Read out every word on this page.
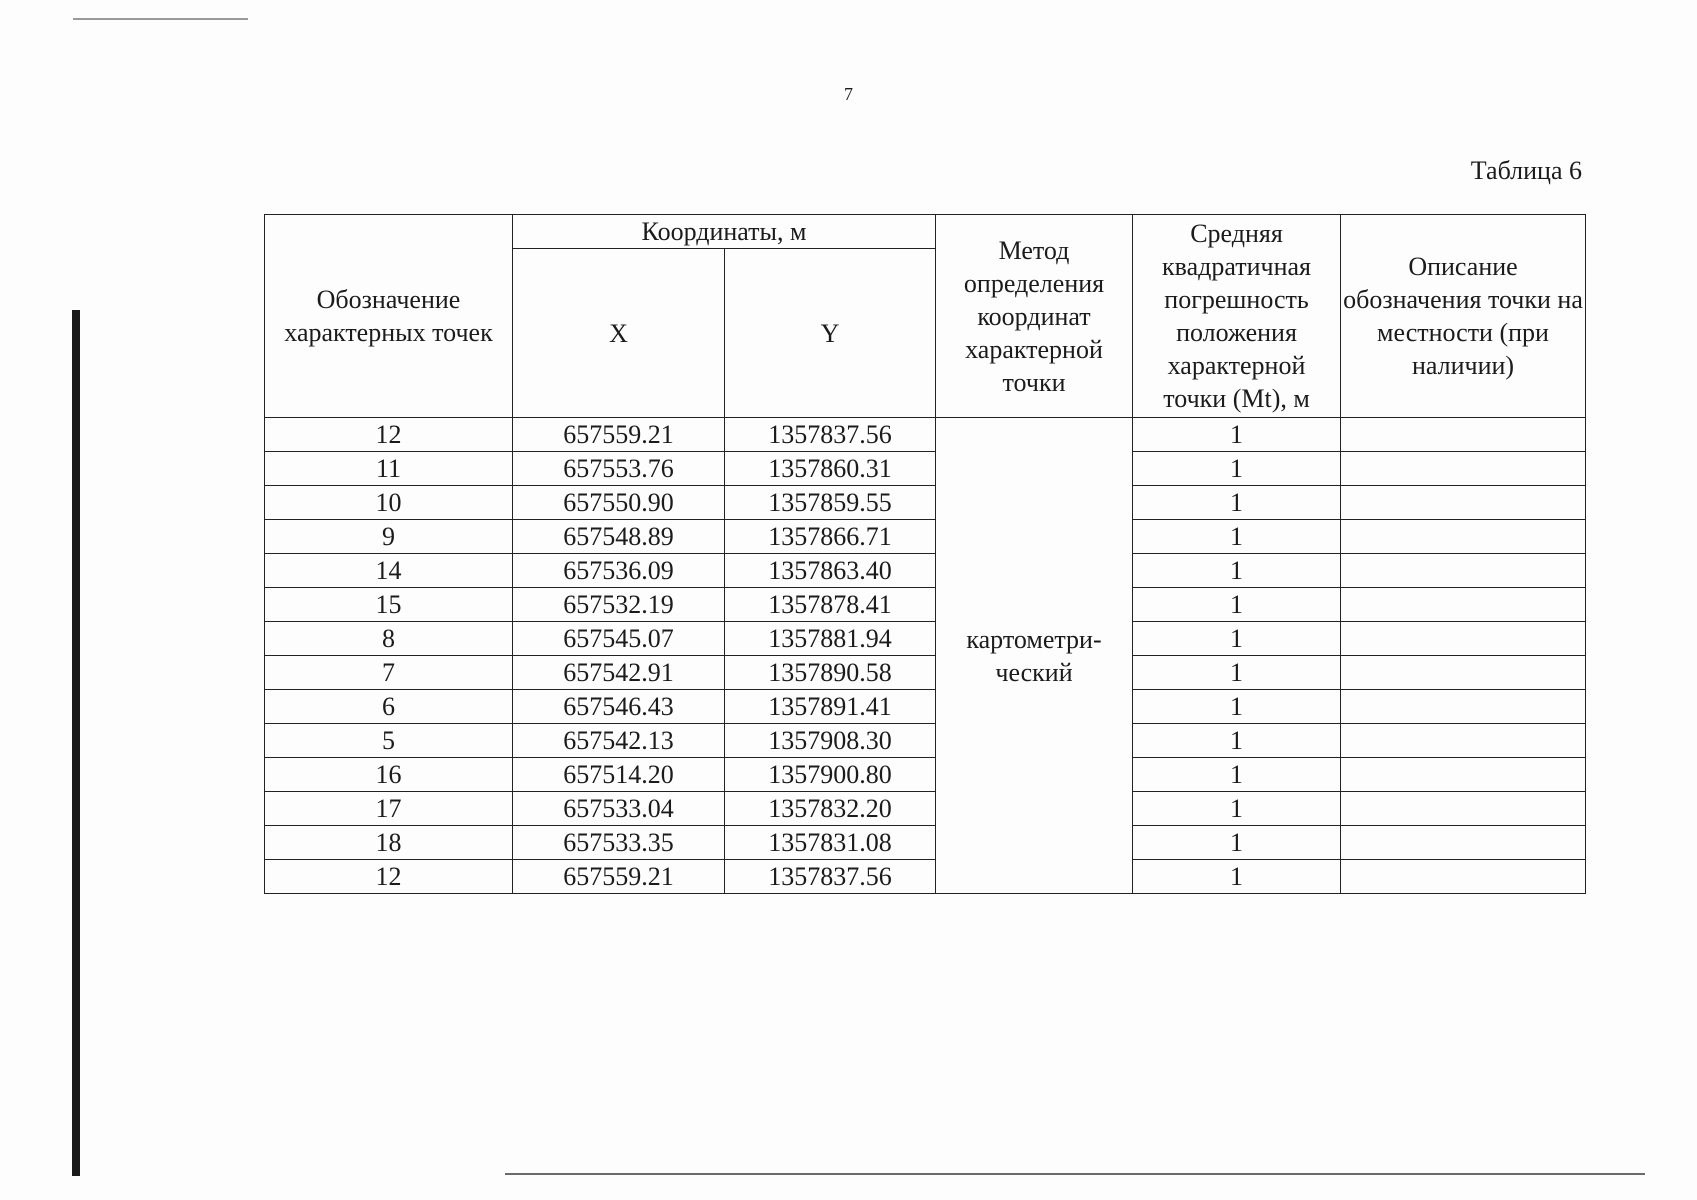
7
Таблица 6
Обозначение характерных точек	Координаты, м		Метод определения координат характерной точки	Средняя квадратичная погрешность положения характерной точки (Mt), м	Описание обозначения точки на местности (при наличии)
	X	Y			
12	657559.21	1357837.56	картометри-ческий	1	
11	657553.76	1357860.31		1	
10	657550.90	1357859.55		1	
9	657548.89	1357866.71		1	
14	657536.09	1357863.40		1	
15	657532.19	1357878.41		1	
8	657545.07	1357881.94		1	
7	657542.91	1357890.58		1	
6	657546.43	1357891.41		1	
5	657542.13	1357908.30		1	
16	657514.20	1357900.80		1	
17	657533.04	1357832.20		1	
18	657533.35	1357831.08		1	
12	657559.21	1357837.56		1	
